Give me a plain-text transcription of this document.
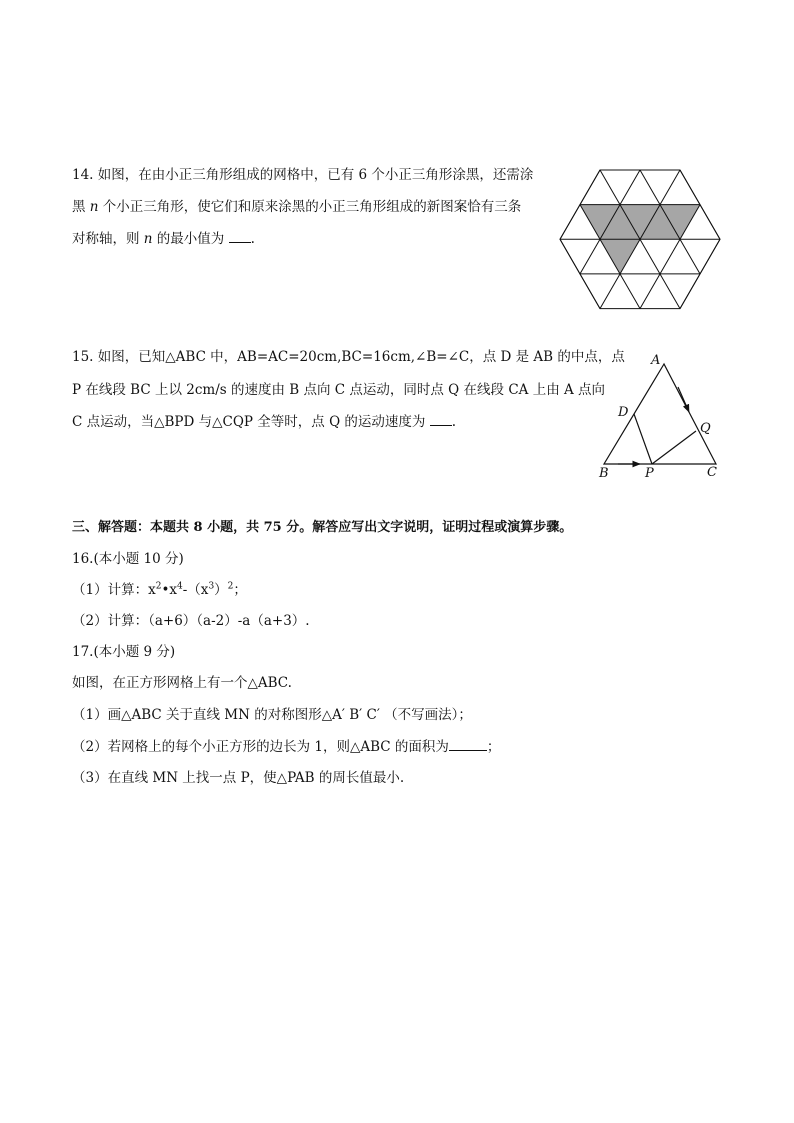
14. 如图，在由小正三角形组成的网格中，已有 6 个小正三角形涂黑，还需涂
黑 n 个小正三角形，使它们和原来涂黑的小正三角形组成的新图案恰有三条
对称轴，则 n 的最小值为 .
15. 如图，已知△ABC 中，AB=AC=20cm,BC=16cm,∠B=∠C，点 D 是 AB 的中点，点
P 在线段 BC 上以 2cm/s 的速度由 B 点向 C 点运动，同时点 Q 在线段 CA 上由 A 点向
C 点运动，当△BPD 与△CQP 全等时，点 Q 的运动速度为 .
A
D
Q
B	P	C
三、解答题：本题共 8 小题，共 75 分。解答应写出文字说明，证明过程或演算步骤。
16.(本小题 10 分)
（1）计算：$x^2•x^4-(x^3)^2$；
（2）计算：（a+6）（a-2）-a（a+3）.
17.(本小题 9 分)
如图，在正方形网格上有一个△ABC.
（1）画△ABC 关于直线 MN 的对称图形△A′ B′ C′ （不写画法）；
（2）若网格上的每个小正方形的边长为 1，则△ABC 的面积为	；
（3）在直线 MN 上找一点 P，使△PAB 的周长值最小.
